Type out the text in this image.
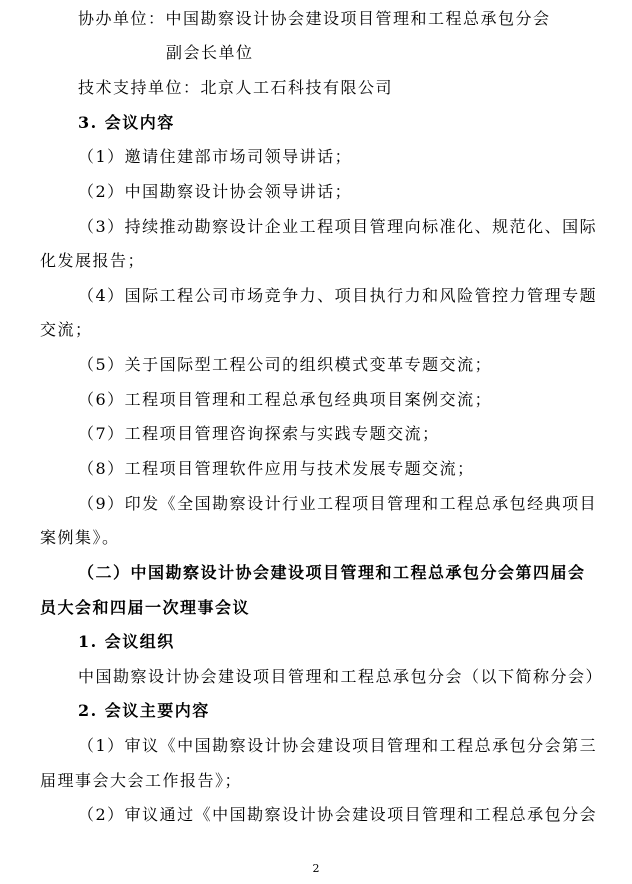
协办单位：中国勘察设计协会建设项目管理和工程总承包分会
副会长单位
技术支持单位：北京人工石科技有限公司
3. 会议内容
（1）邀请住建部市场司领导讲话；
（2）中国勘察设计协会领导讲话；
（3）持续推动勘察设计企业工程项目管理向标准化、规范化、国际
化发展报告；
（4）国际工程公司市场竞争力、项目执行力和风险管控力管理专题
交流；
（5）关于国际型工程公司的组织模式变革专题交流；
（6）工程项目管理和工程总承包经典项目案例交流；
（7）工程项目管理咨询探索与实践专题交流；
（8）工程项目管理软件应用与技术发展专题交流；
（9）印发《全国勘察设计行业工程项目管理和工程总承包经典项目
案例集》。
（二）中国勘察设计协会建设项目管理和工程总承包分会第四届会
员大会和四届一次理事会议
1. 会议组织
中国勘察设计协会建设项目管理和工程总承包分会（以下简称分会）
2. 会议主要内容
（1）审议《中国勘察设计协会建设项目管理和工程总承包分会第三
届理事会大会工作报告》；
（2）审议通过《中国勘察设计协会建设项目管理和工程总承包分会
2
